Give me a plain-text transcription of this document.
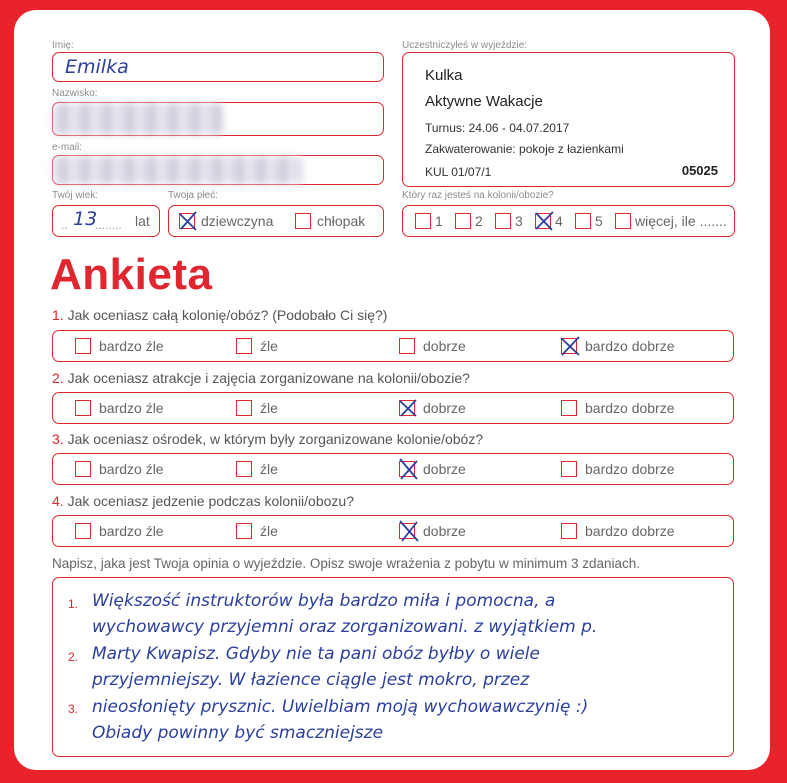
Imię:
Emilka
Nazwisko:
e-mail:
Twój wiek:
.. 13
........ lat
Twoja płeć:
dziewczyna	chłopak
Uczestniczyłeś w wyjeździe:
Kulka
Aktywne Wakacje
Turnus: 24.06 - 04.07.2017
Zakwaterowanie: pokoje z łazienkami
KUL 01/07/1	05025
Który raz jesteś na kolonii/obozie?
1 2 3 4 5 więcej, ile .......
Ankieta
1. Jak oceniasz całą kolonię/obóz? (Podobało Ci się?)
bardzo źle	źle	dobrze	bardzo dobrze
2. Jak oceniasz atrakcje i zajęcia zorganizowane na kolonii/obozie?
bardzo źle	źle	dobrze	bardzo dobrze
3. Jak oceniasz ośrodek, w którym były zorganizowane kolonie/obóz?
bardzo źle	źle	dobrze	bardzo dobrze
4. Jak oceniasz jedzenie podczas kolonii/obozu?
bardzo źle	źle	dobrze	bardzo dobrze
Napisz, jaka jest Twoja opinia o wyjeździe. Opisz swoje wrażenia z pobytu w minimum 3 zdaniach.
1.
2.
3.
Większość instruktorów była bardzo miła i pomocna, a
wychowawcy przyjemni oraz zorganizowani. z wyjątkiem p.
Marty Kwapisz. Gdyby nie ta pani obóz byłby o wiele
przyjemniejszy. W łazience ciągle jest mokro, przez
nieosłonięty prysznic. Uwielbiam moją wychowawczynię :)
Obiady powinny być smaczniejsze
